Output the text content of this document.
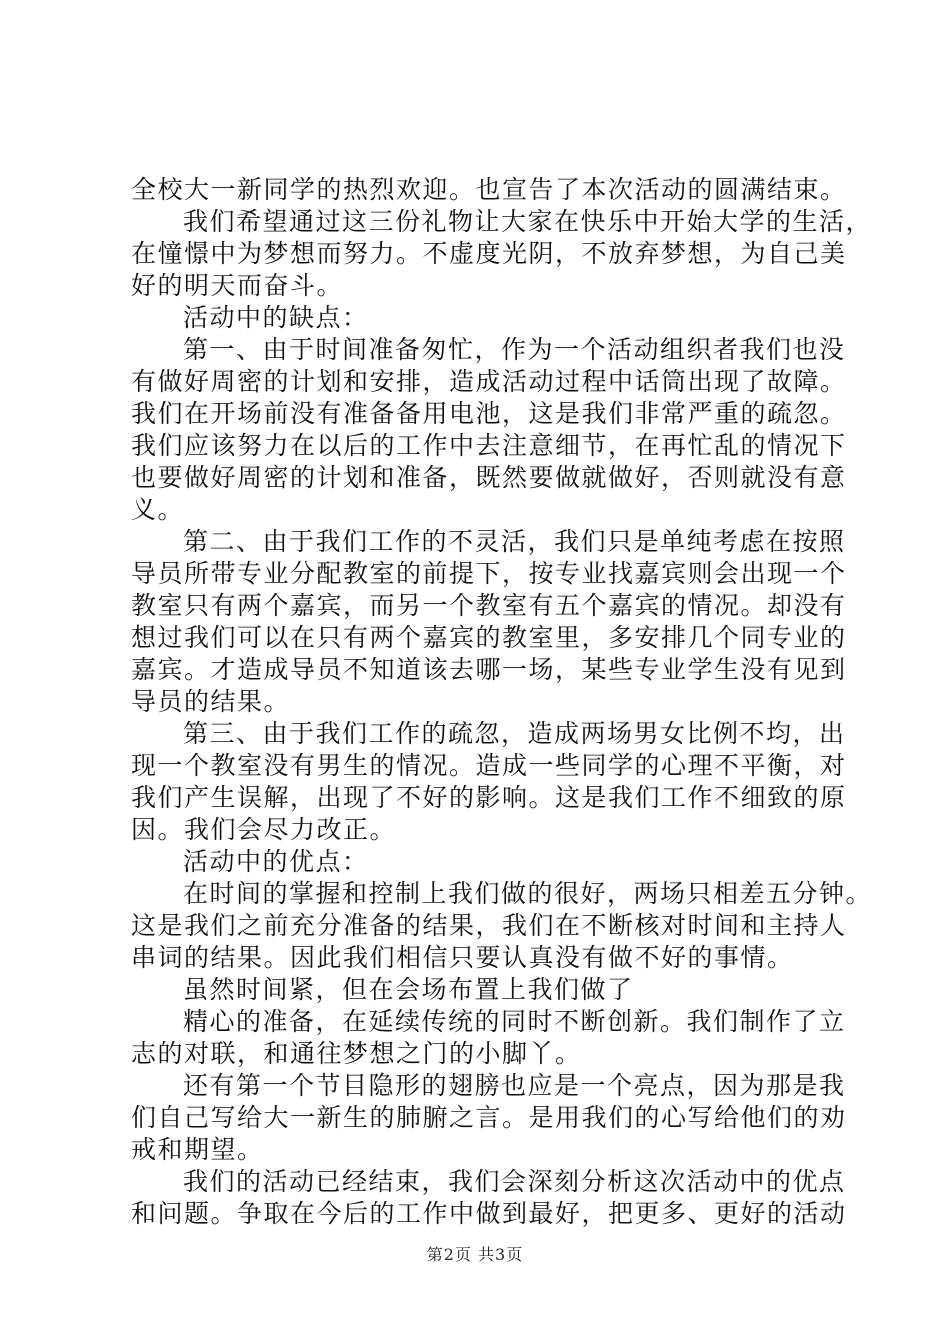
全校大一新同学的热烈欢迎。也宣告了本次活动的圆满结束。
我们希望通过这三份礼物让大家在快乐中开始大学的生活，
在憧憬中为梦想而努力。不虚度光阴，不放弃梦想，为自己美
好的明天而奋斗。
活动中的缺点：
第一、由于时间准备匆忙，作为一个活动组织者我们也没
有做好周密的计划和安排，造成活动过程中话筒出现了故障。
我们在开场前没有准备备用电池，这是我们非常严重的疏忽。
我们应该努力在以后的工作中去注意细节，在再忙乱的情况下
也要做好周密的计划和准备，既然要做就做好，否则就没有意
义。
第二、由于我们工作的不灵活，我们只是单纯考虑在按照
导员所带专业分配教室的前提下，按专业找嘉宾则会出现一个
教室只有两个嘉宾，而另一个教室有五个嘉宾的情况。却没有
想过我们可以在只有两个嘉宾的教室里，多安排几个同专业的
嘉宾。才造成导员不知道该去哪一场，某些专业学生没有见到
导员的结果。
第三、由于我们工作的疏忽，造成两场男女比例不均，出
现一个教室没有男生的情况。造成一些同学的心理不平衡，对
我们产生误解，出现了不好的影响。这是我们工作不细致的原
因。我们会尽力改正。
活动中的优点：
在时间的掌握和控制上我们做的很好，两场只相差五分钟。
这是我们之前充分准备的结果，我们在不断核对时间和主持人
串词的结果。因此我们相信只要认真没有做不好的事情。
虽然时间紧，但在会场布置上我们做了
精心的准备，在延续传统的同时不断创新。我们制作了立
志的对联，和通往梦想之门的小脚丫。
还有第一个节目隐形的翅膀也应是一个亮点，因为那是我
们自己写给大一新生的肺腑之言。是用我们的心写给他们的劝
戒和期望。
我们的活动已经结束，我们会深刻分析这次活动中的优点
和问题。争取在今后的工作中做到最好，把更多、更好的活动
第2页 共3页
